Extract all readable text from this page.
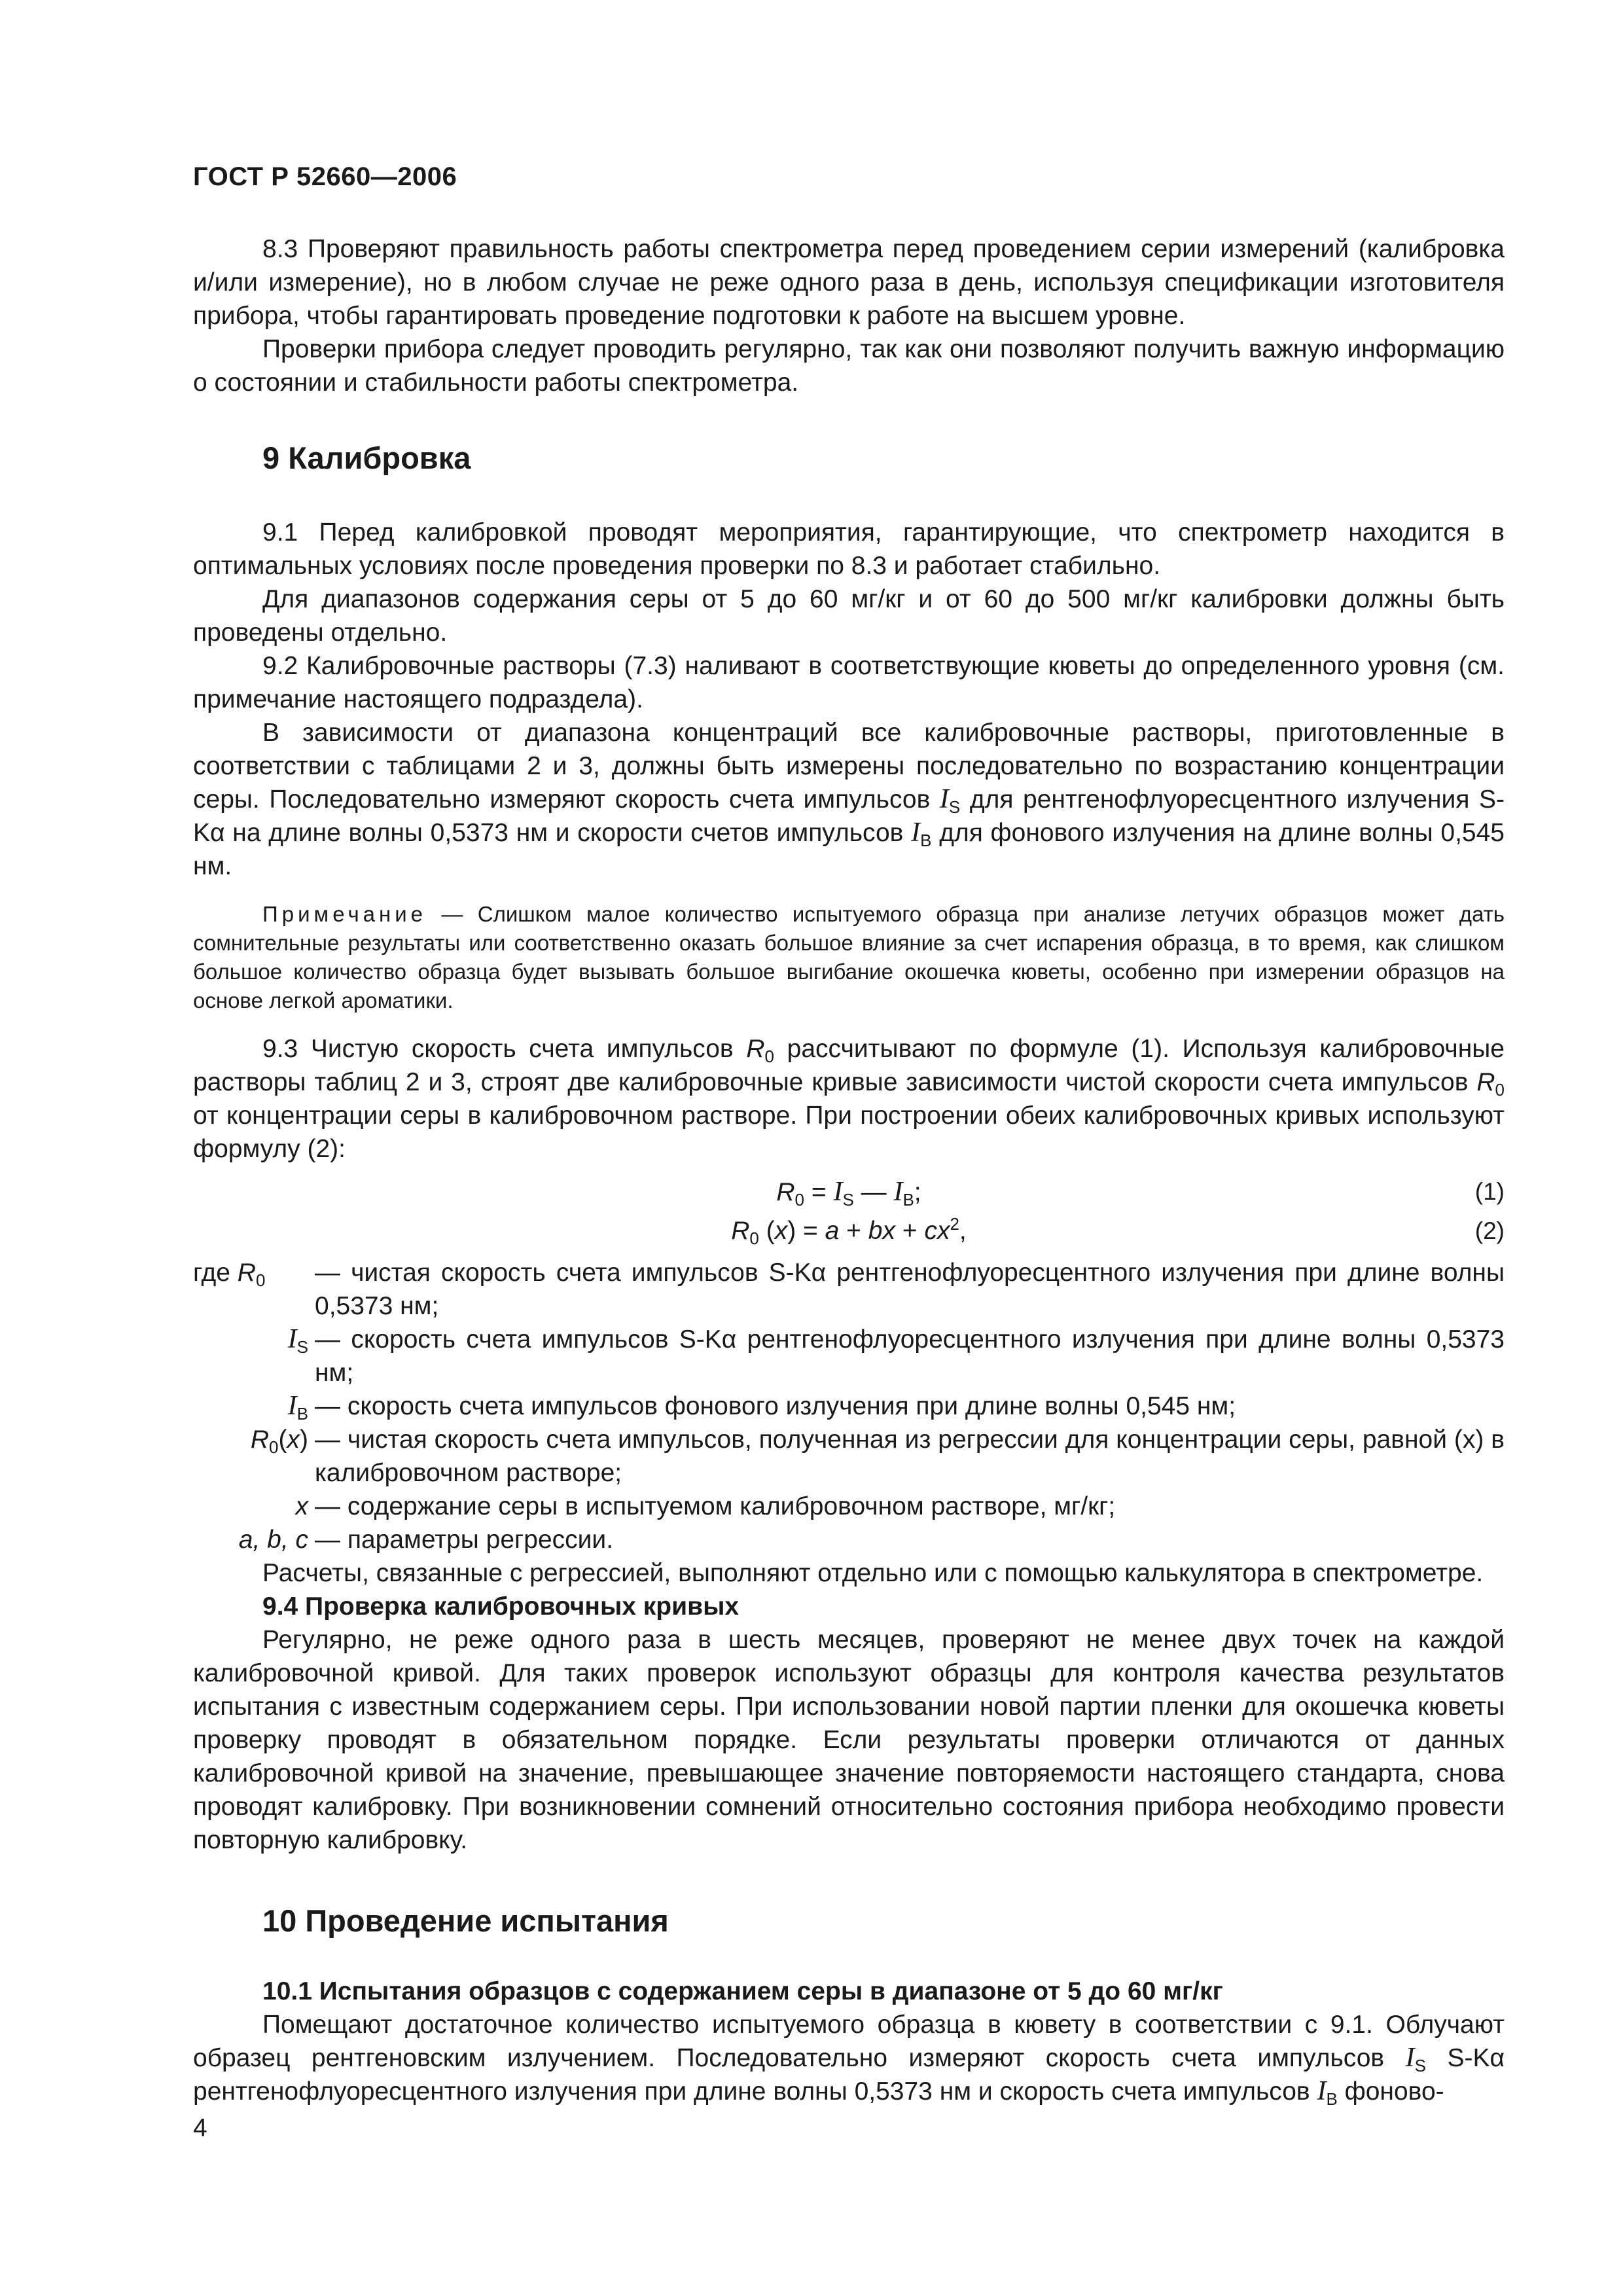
ГОСТ Р 52660—2006

8.3 Проверяют правильность работы спектрометра перед проведением серии измерений (калибровка и/или измерение), но в любом случае не реже одного раза в день, используя спецификации изготовителя прибора, чтобы гарантировать проведение подготовки к работе на высшем уровне.

Проверки прибора следует проводить регулярно, так как они позволяют получить важную информацию о состоянии и стабильности работы спектрометра.

9 Калибровка

9.1 Перед калибровкой проводят мероприятия, гарантирующие, что спектрометр находится в оптимальных условиях после проведения проверки по 8.3 и работает стабильно.

Для диапазонов содержания серы от 5 до 60 мг/кг и от 60 до 500 мг/кг калибровки должны быть проведены отдельно.

9.2 Калибровочные растворы (7.3) наливают в соответствующие кюветы до определенного уровня (см. примечание настоящего подраздела).

В зависимости от диапазона концентраций все калибровочные растворы, приготовленные в соответствии с таблицами 2 и 3, должны быть измерены последовательно по возрастанию концентрации серы. Последовательно измеряют скорость счета импульсов $I_S$ для рентгенофлуоресцентного излучения S-Kα на длине волны 0,5373 нм и скорости счетов импульсов $I_B$ для фонового излучения на длине волны 0,545 нм.

Примечание — Слишком малое количество испытуемого образца при анализе летучих образцов может дать сомнительные результаты или соответственно оказать большое влияние за счет испарения образца, в то время, как слишком большое количество образца будет вызывать большое выгибание окошечка кюветы, особенно при измерении образцов на основе легкой ароматики.

9.3 Чистую скорость счета импульсов $R_0$ рассчитывают по формуле (1). Используя калибровочные растворы таблиц 2 и 3, строят две калибровочные кривые зависимости чистой скорости счета импульсов $R_0$ от концентрации серы в калибровочном растворе. При построении обеих калибровочных кривых используют формулу (2):

$R_0 = I_S$ — $I_B$;	(1)
$R_0$ (x) = a + bx + $cx^2$,	(2)
где $R_0$	— чистая скорость счета импульсов S-Kα рентгенофлуоресцентного излучения при длине волны 0,5373 нм;
$I_S$ — скорость счета импульсов S-Kα рентгенофлуоресцентного излучения при длине волны 0,5373 нм;
$I_B$ — скорость счета импульсов фонового излучения при длине волны 0,545 нм;
$R_0(x)$ — чистая скорость счета импульсов, полученная из регрессии для концентрации серы, равной (x) в калибровочном растворе;
x — содержание серы в испытуемом калибровочном растворе, мг/кг;
a, b, c — параметры регрессии.

Расчеты, связанные с регрессией, выполняют отдельно или с помощью калькулятора в спектрометре.

9.4 Проверка калибровочных кривых

Регулярно, не реже одного раза в шесть месяцев, проверяют не менее двух точек на каждой калибровочной кривой. Для таких проверок используют образцы для контроля качества результатов испытания с известным содержанием серы. При использовании новой партии пленки для окошечка кюветы проверку проводят в обязательном порядке. Если результаты проверки отличаются от данных калибровочной кривой на значение, превышающее значение повторяемости настоящего стандарта, снова проводят калибровку. При возникновении сомнений относительно состояния прибора необходимо провести повторную калибровку.

10 Проведение испытания

10.1 Испытания образцов с содержанием серы в диапазоне от 5 до 60 мг/кг

Помещают достаточное количество испытуемого образца в кювету в соответствии с 9.1. Облучают образец рентгеновским излучением. Последовательно измеряют скорость счета импульсов $I_S$ S-Kα рентгенофлуоресцентного излучения при длине волны 0,5373 нм и скорость счета импульсов $I_B$ фоново-

4
